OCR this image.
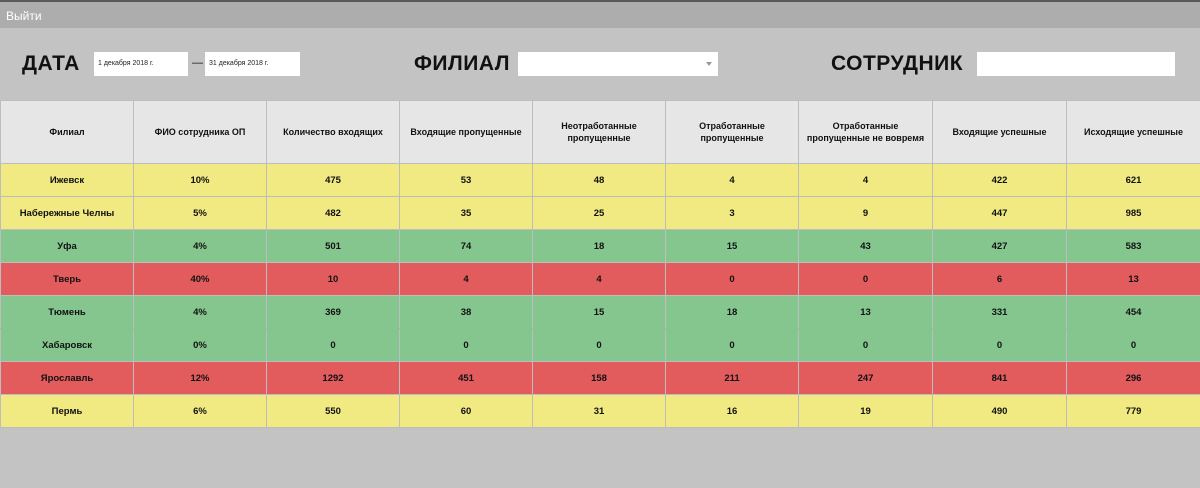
Выйти
ДАТА	1 декабря 2018 г.	— 31 декабря 2018 г.	ФИЛИАЛ	СОТРУДНИК
Филиал	ФИО сотрудника ОП	Количество входящих	Входящие пропущенные	Неотработанные пропущенные	Отработанные пропущенные	Отработанные пропущенные не вовремя	Входящие успешные	Исходящие успешные
Ижевск	10%	475	53	48	4	4	422	621
Набережные Челны	5%	482	35	25	3	9	447	985
Уфа	4%	501	74	18	15	43	427	583
Тверь	40%	10	4	4	0	0	6	13
Тюмень	4%	369	38	15	18	13	331	454
Хабаровск	0%	0	0	0	0	0	0	0
Ярославль	12%	1292	451	158	211	247	841	296
Пермь	6%	550	60	31	16	19	490	779
